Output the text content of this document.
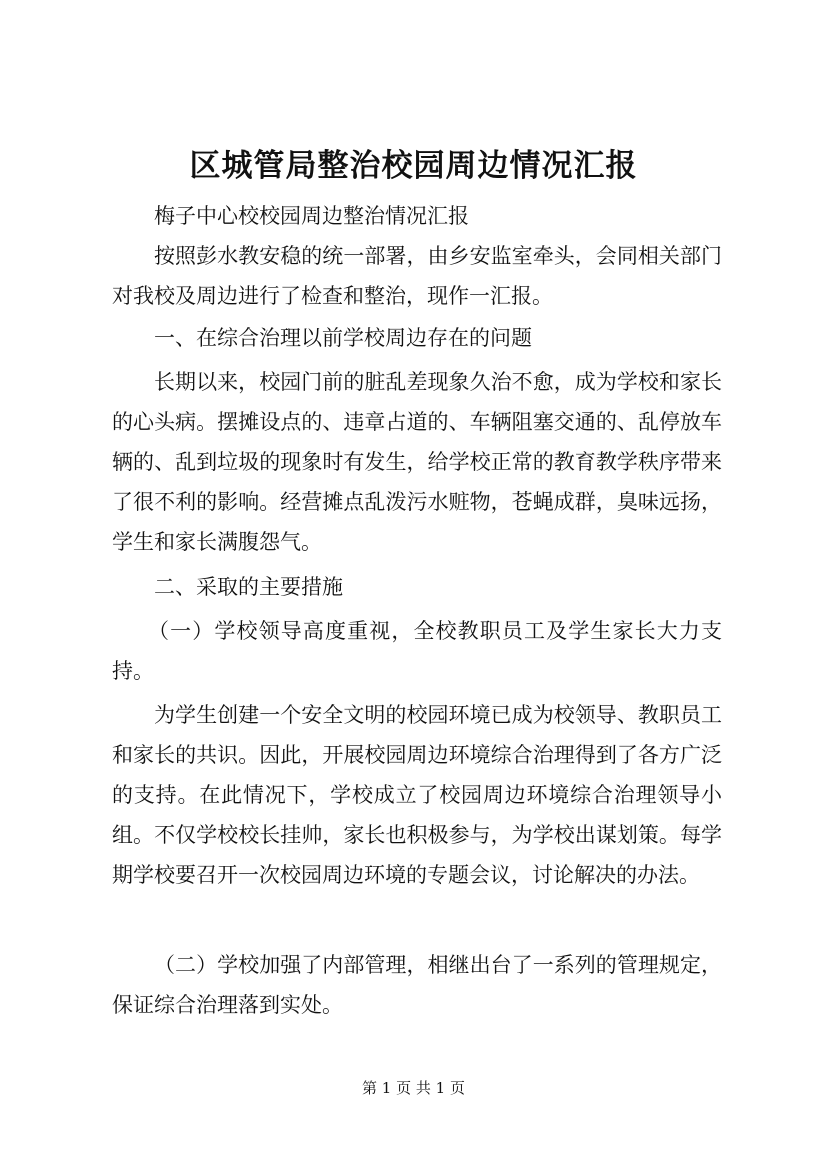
区城管局整治校园周边情况汇报

梅子中心校校园周边整治情况汇报

按照彭水教安稳的统一部署，由乡安监室牵头，会同相关部门对我校及周边进行了检查和整治，现作一汇报。

一、在综合治理以前学校周边存在的问题

长期以来，校园门前的脏乱差现象久治不愈，成为学校和家长的心头病。摆摊设点的、违章占道的、车辆阻塞交通的、乱停放车辆的、乱到垃圾的现象时有发生，给学校正常的教育教学秩序带来了很不利的影响。经营摊点乱泼污水赃物，苍蝇成群，臭味远扬，学生和家长满腹怨气。

二、采取的主要措施

（一）学校领导高度重视，全校教职员工及学生家长大力支持。

为学生创建一个安全文明的校园环境已成为校领导、教职员工和家长的共识。因此，开展校园周边环境综合治理得到了各方广泛的支持。在此情况下，学校成立了校园周边环境综合治理领导小组。不仅学校校长挂帅，家长也积极参与，为学校出谋划策。每学期学校要召开一次校园周边环境的专题会议，讨论解决的办法。

（二）学校加强了内部管理，相继出台了一系列的管理规定，保证综合治理落到实处。

第 1 页 共 1 页
